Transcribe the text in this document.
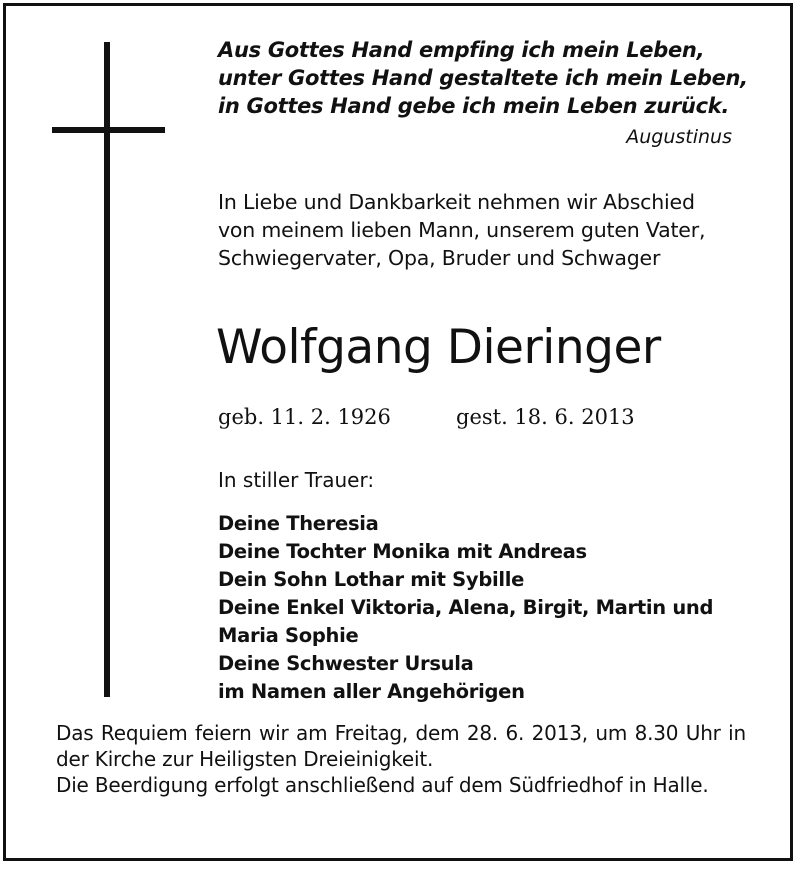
Aus Gottes Hand empfing ich mein Leben,
unter Gottes Hand gestaltete ich mein Leben,
in Gottes Hand gebe ich mein Leben zurück.
Augustinus
In Liebe und Dankbarkeit nehmen wir Abschied
von meinem lieben Mann, unserem guten Vater,
Schwiegervater, Opa, Bruder und Schwager
Wolfgang Dieringer
geb. 11. 2. 1926	gest. 18. 6. 2013
In stiller Trauer:
Deine Theresia
Deine Tochter Monika mit Andreas
Dein Sohn Lothar mit Sybille
Deine Enkel Viktoria, Alena, Birgit, Martin und
Maria Sophie
Deine Schwester Ursula
im Namen aller Angehörigen
Das Requiem feiern wir am Freitag, dem 28. 6. 2013, um 8.30 Uhr in der Kirche zur Heiligsten Dreieinigkeit.
Die Beerdigung erfolgt anschließend auf dem Südfriedhof in Halle.
